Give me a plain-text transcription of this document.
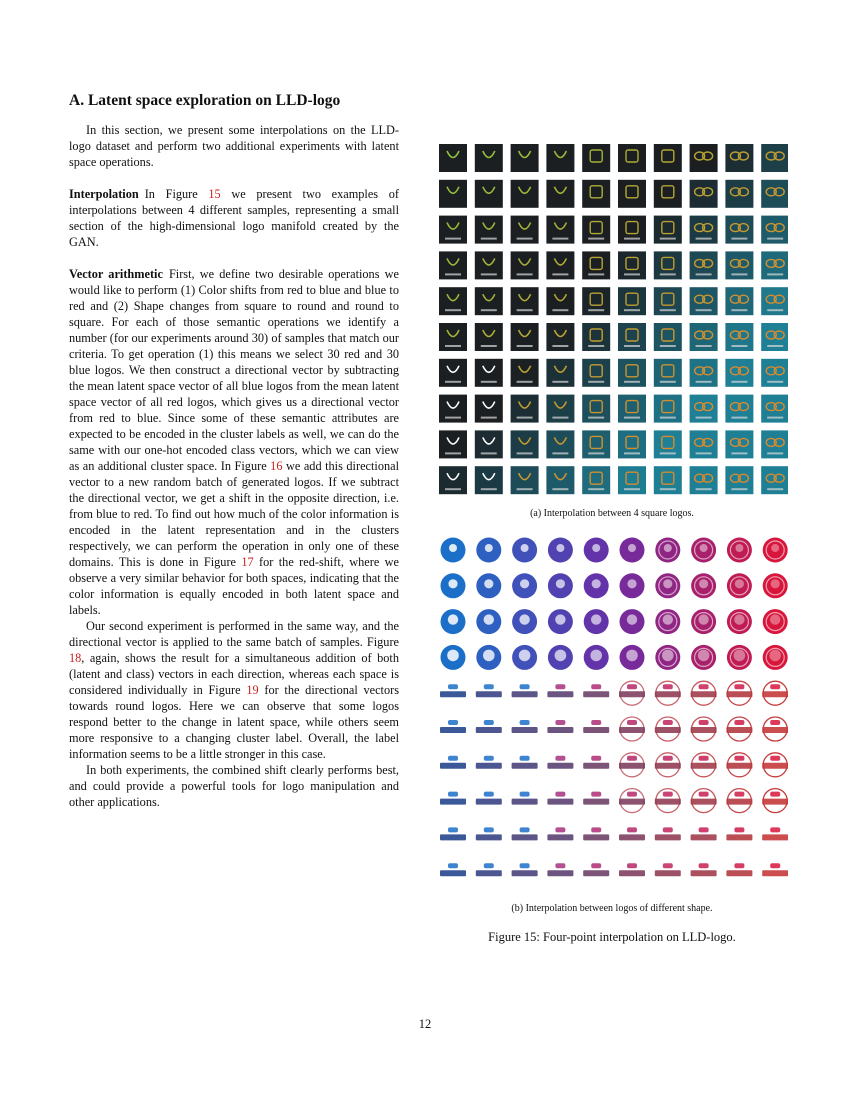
A. Latent space exploration on LLD-logo

In this section, we present some interpolations on the LLD-logo dataset and perform two additional experiments with latent space operations.

Interpolation In Figure 15 we present two examples of interpolations between 4 different samples, representing a small section of the high-dimensional logo manifold created by the GAN.

Vector arithmetic First, we define two desirable operations we would like to perform (1) Color shifts from red to blue and blue to red and (2) Shape changes from square to round and round to square. For each of those semantic operations we identify a number (for our experiments around 30) of samples that match our criteria. To get operation (1) this means we select 30 red and 30 blue logos. We then construct a directional vector by subtracting the mean latent space vector of all blue logos from the mean latent space vector of all red logos, which gives us a directional vector from red to blue. Since some of these semantic attributes are expected to be encoded in the cluster labels as well, we can do the same with our one-hot encoded class vectors, which we can view as an additional cluster space. In Figure 16 we add this directional vector to a new random batch of generated logos. If we subtract the directional vector, we get a shift in the opposite direction, i.e. from blue to red. To find out how much of the color information is encoded in the latent representation and in the clusters respectively, we can perform the operation in only one of these domains. This is done in Figure 17 for the red-shift, where we observe a very similar behavior for both spaces, indicating that the color information is equally encoded in both latent space and labels.

Our second experiment is performed in the same way, and the directional vector is applied to the same batch of samples. Figure 18, again, shows the result for a simultaneous addition of both (latent and class) vectors in each direction, whereas each space is considered individually in Figure 19 for the directional vectors towards round logos. Here we can observe that some logos respond better to the change in latent space, while others seem more responsive to a changing cluster label. Overall, the label information seems to be a little stronger in this case.

In both experiments, the combined shift clearly performs best, and could provide a powerful tools for logo manipulation and other applications.

(a) Interpolation between 4 square logos.
(b) Interpolation between logos of different shape.
Figure 15: Four-point interpolation on LLD-logo.
12
